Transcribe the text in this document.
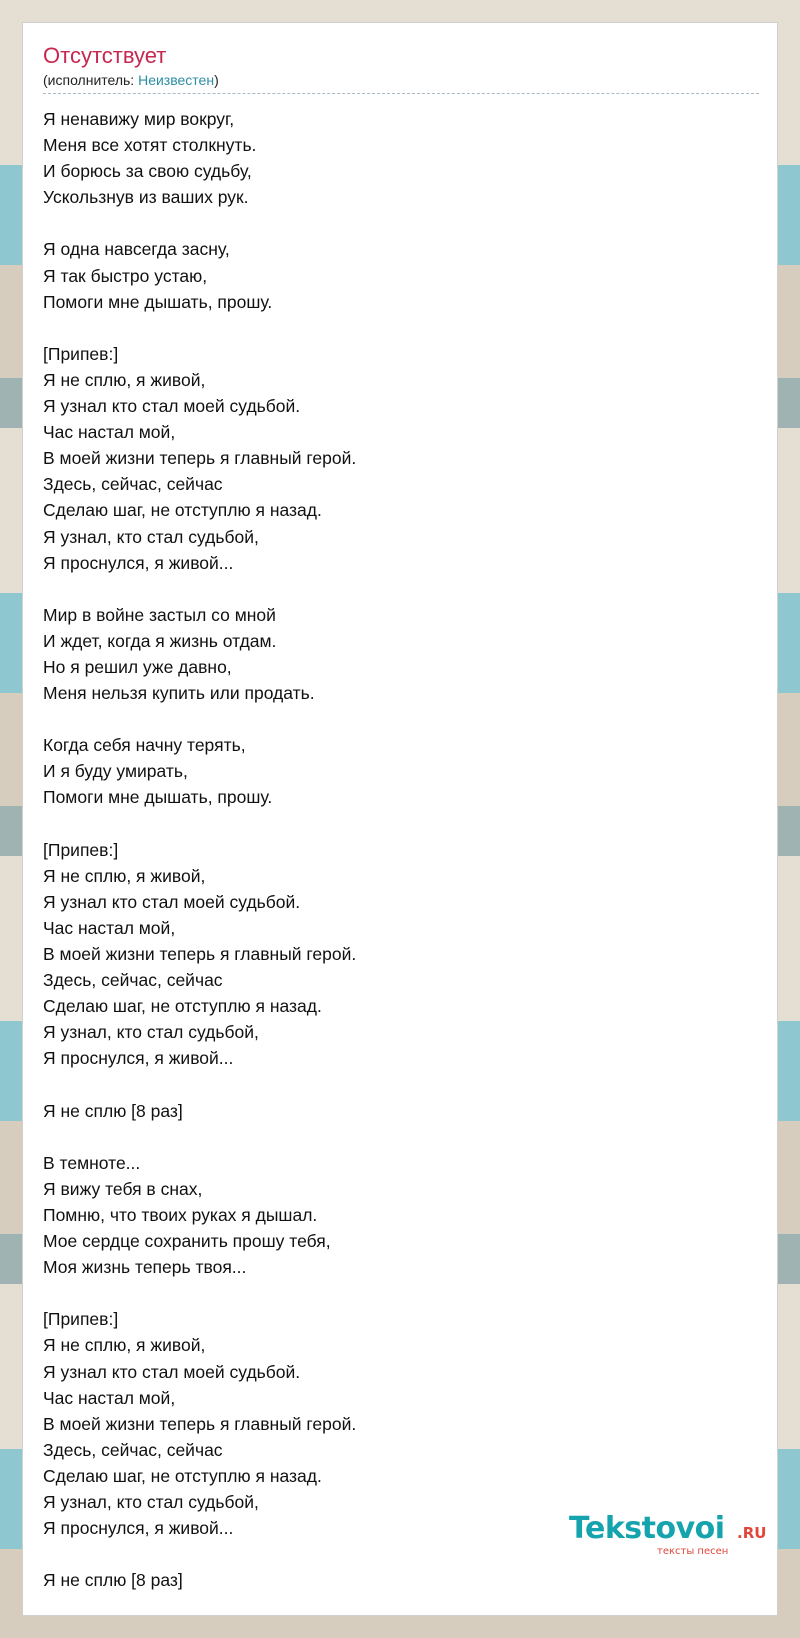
Отсутствует
(исполнитель: Неизвестен)
Я ненавижу мир вокруг,
Меня все хотят столкнуть.
И борюсь за свою судьбу,
Ускользнув из ваших рук.
Я одна навсегда засну,
Я так быстро устаю,
Помоги мне дышать, прошу.
[Припев:]
Я не сплю, я живой,
Я узнал кто стал моей судьбой.
Час настал мой,
В моей жизни теперь я главный герой.
Здесь, сейчас, сейчас
Сделаю шаг, не отступлю я назад.
Я узнал, кто стал судьбой,
Я проснулся, я живой...
Мир в войне застыл со мной
И ждет, когда я жизнь отдам.
Но я решил уже давно,
Меня нельзя купить или продать.
Когда себя начну терять,
И я буду умирать,
Помоги мне дышать, прошу.
[Припев:]
Я не сплю, я живой,
Я узнал кто стал моей судьбой.
Час настал мой,
В моей жизни теперь я главный герой.
Здесь, сейчас, сейчас
Сделаю шаг, не отступлю я назад.
Я узнал, кто стал судьбой,
Я проснулся, я живой...
Я не сплю [8 раз]
В темноте...
Я вижу тебя в снах,
Помню, что твоих руках я дышал.
Мое сердце сохранить прошу тебя,
Моя жизнь теперь твоя...
[Припев:]
Я не сплю, я живой,
Я узнал кто стал моей судьбой.
Час настал мой,
В моей жизни теперь я главный герой.
Здесь, сейчас, сейчас
Сделаю шаг, не отступлю я назад.
Я узнал, кто стал судьбой,
Я проснулся, я живой...
Я не сплю [8 раз]
Tekstovoi .RU
тексты песен
